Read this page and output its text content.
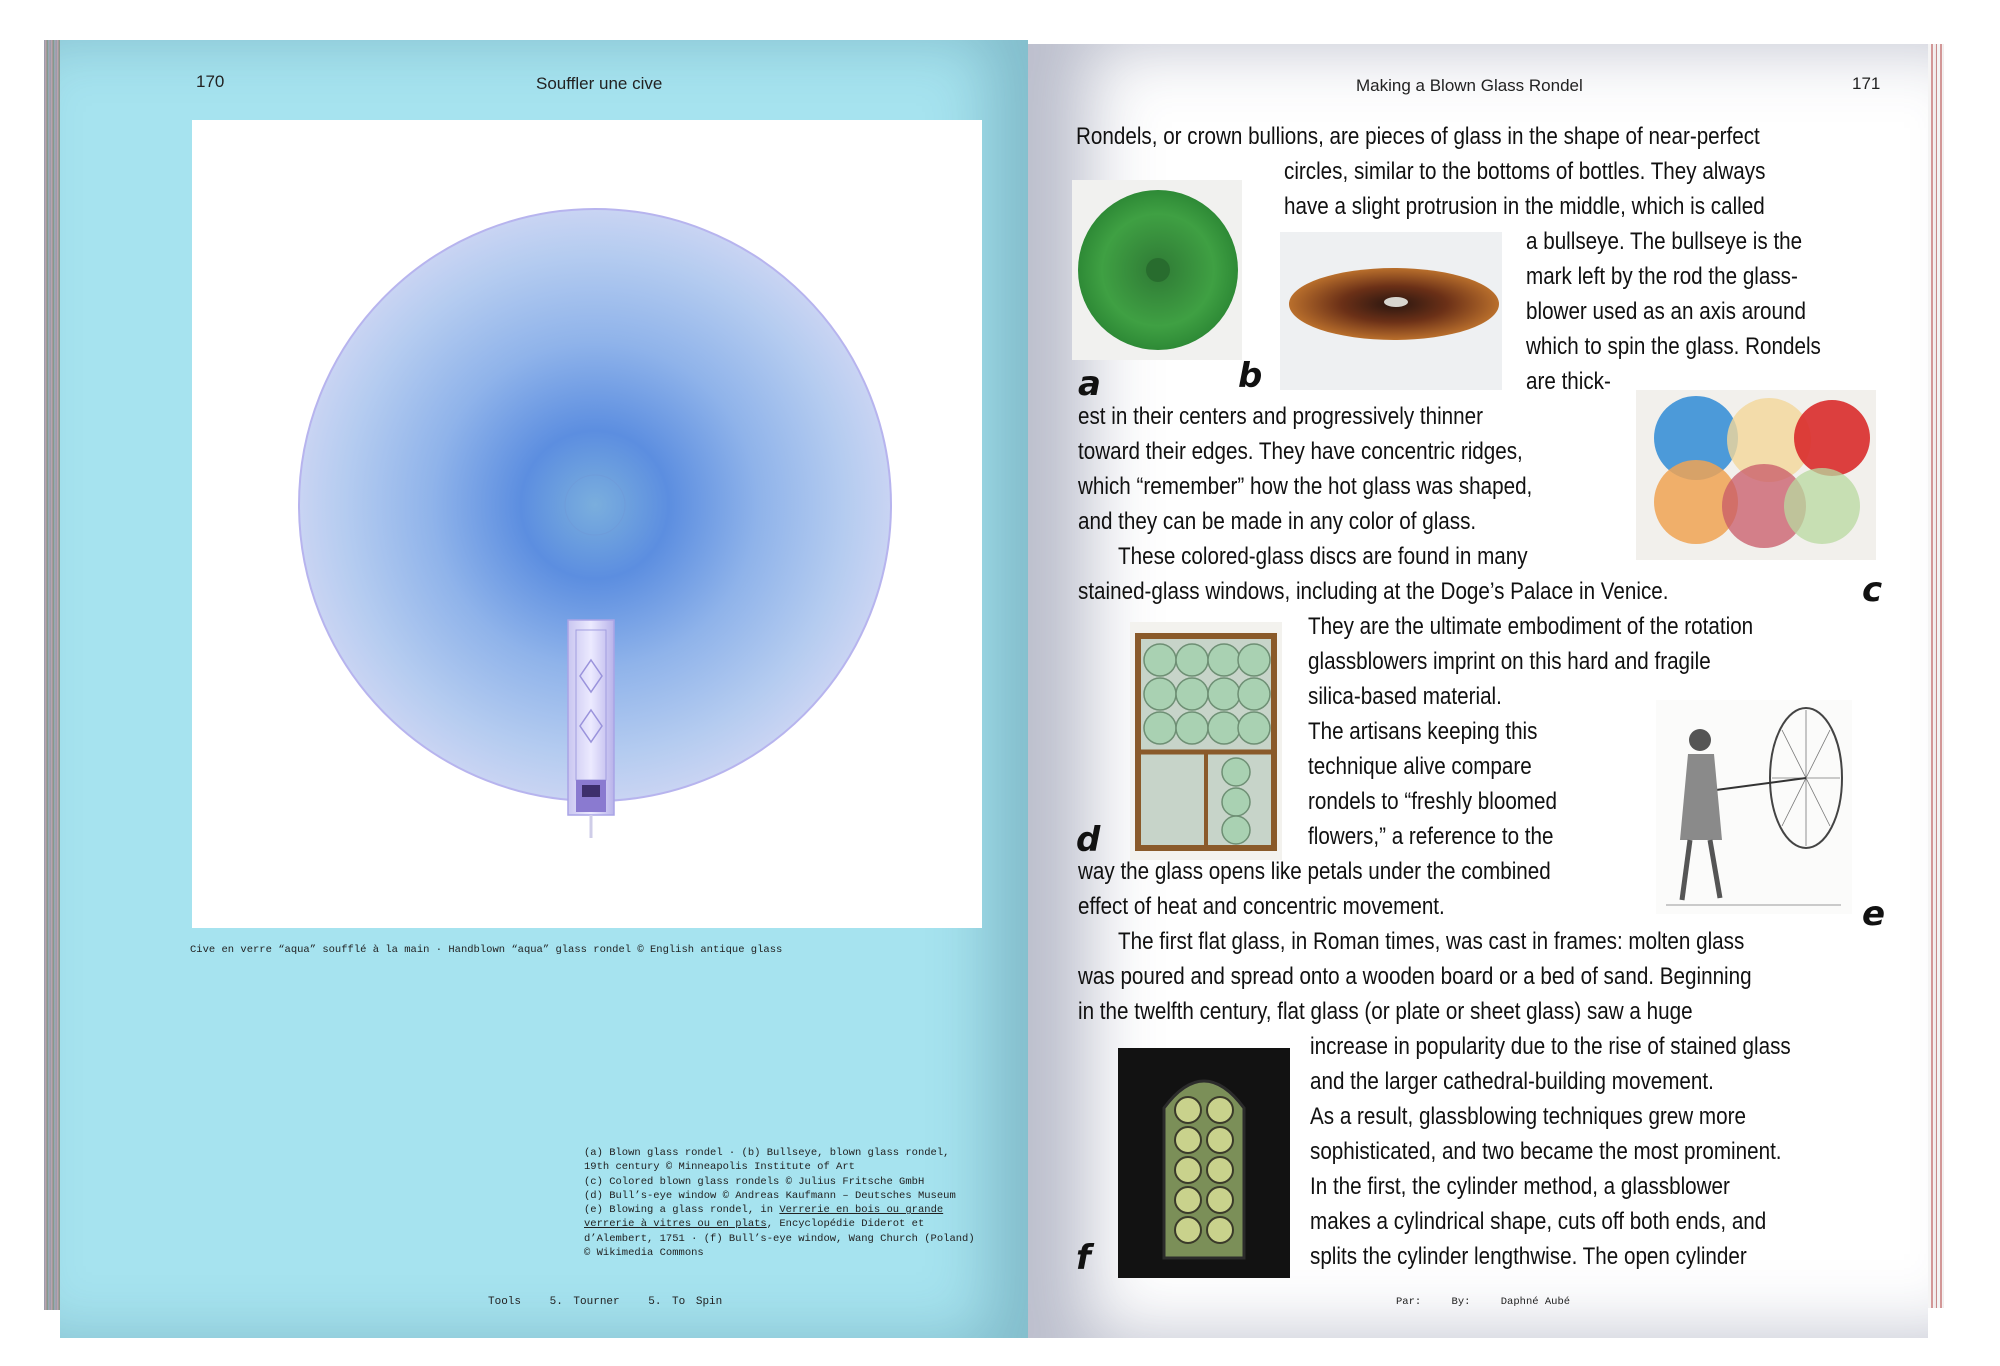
170	Souffler une cive
Cive en verre “aqua” soufflé à la main · Handblown “aqua” glass rondel © English antique glass
(a) Blown glass rondel · (b) Bullseye, blown glass rondel,
19th century © Minneapolis Institute of Art
(c) Colored blown glass rondels © Julius Fritsche GmbH
(d) Bull’s-eye window © Andreas Kaufmann – Deutsches Museum
(e) Blowing a glass rondel, in Verrerie en bois ou grande
verrerie à vitres ou en plats, Encyclopédie Diderot et
d’Alembert, 1751 · (f) Bull’s-eye window, Wang Church (Poland)
© Wikimedia Commons
Tools	5. Tourner	5. To Spin
Making a Blown Glass Rondel	171
a	b
c
d
e
f
Rondels, or crown bullions, are pieces of glass in the shape of near-perfect
circles, similar to the bottoms of bottles. They always
have a slight protrusion in the middle, which is called
a bullseye. The bullseye is the
mark left by the rod the glass-
blower used as an axis around
which to spin the glass. Rondels
are thick-
est in their centers and progressively thinner
toward their edges. They have concentric ridges,
which “remember” how the hot glass was shaped,
and they can be made in any color of glass.
These colored-glass discs are found in many
stained-glass windows, including at the Doge’s Palace in Venice.
They are the ultimate embodiment of the rotation
glassblowers imprint on this hard and fragile
silica-based material.
The artisans keeping this
technique alive compare
rondels to “freshly bloomed
flowers,” a reference to the
way the glass opens like petals under the combined
effect of heat and concentric movement.
The first flat glass, in Roman times, was cast in frames: molten glass
was poured and spread onto a wooden board or a bed of sand. Beginning
in the twelfth century, flat glass (or plate or sheet glass) saw a huge
increase in popularity due to the rise of stained glass
and the larger cathedral-building movement.
As a result, glassblowing techniques grew more
sophisticated, and two became the most prominent.
In the first, the cylinder method, a glassblower
makes a cylindrical shape, cuts off both ends, and
splits the cylinder lengthwise. The open cylinder
Par:	By:	Daphné Aubé
